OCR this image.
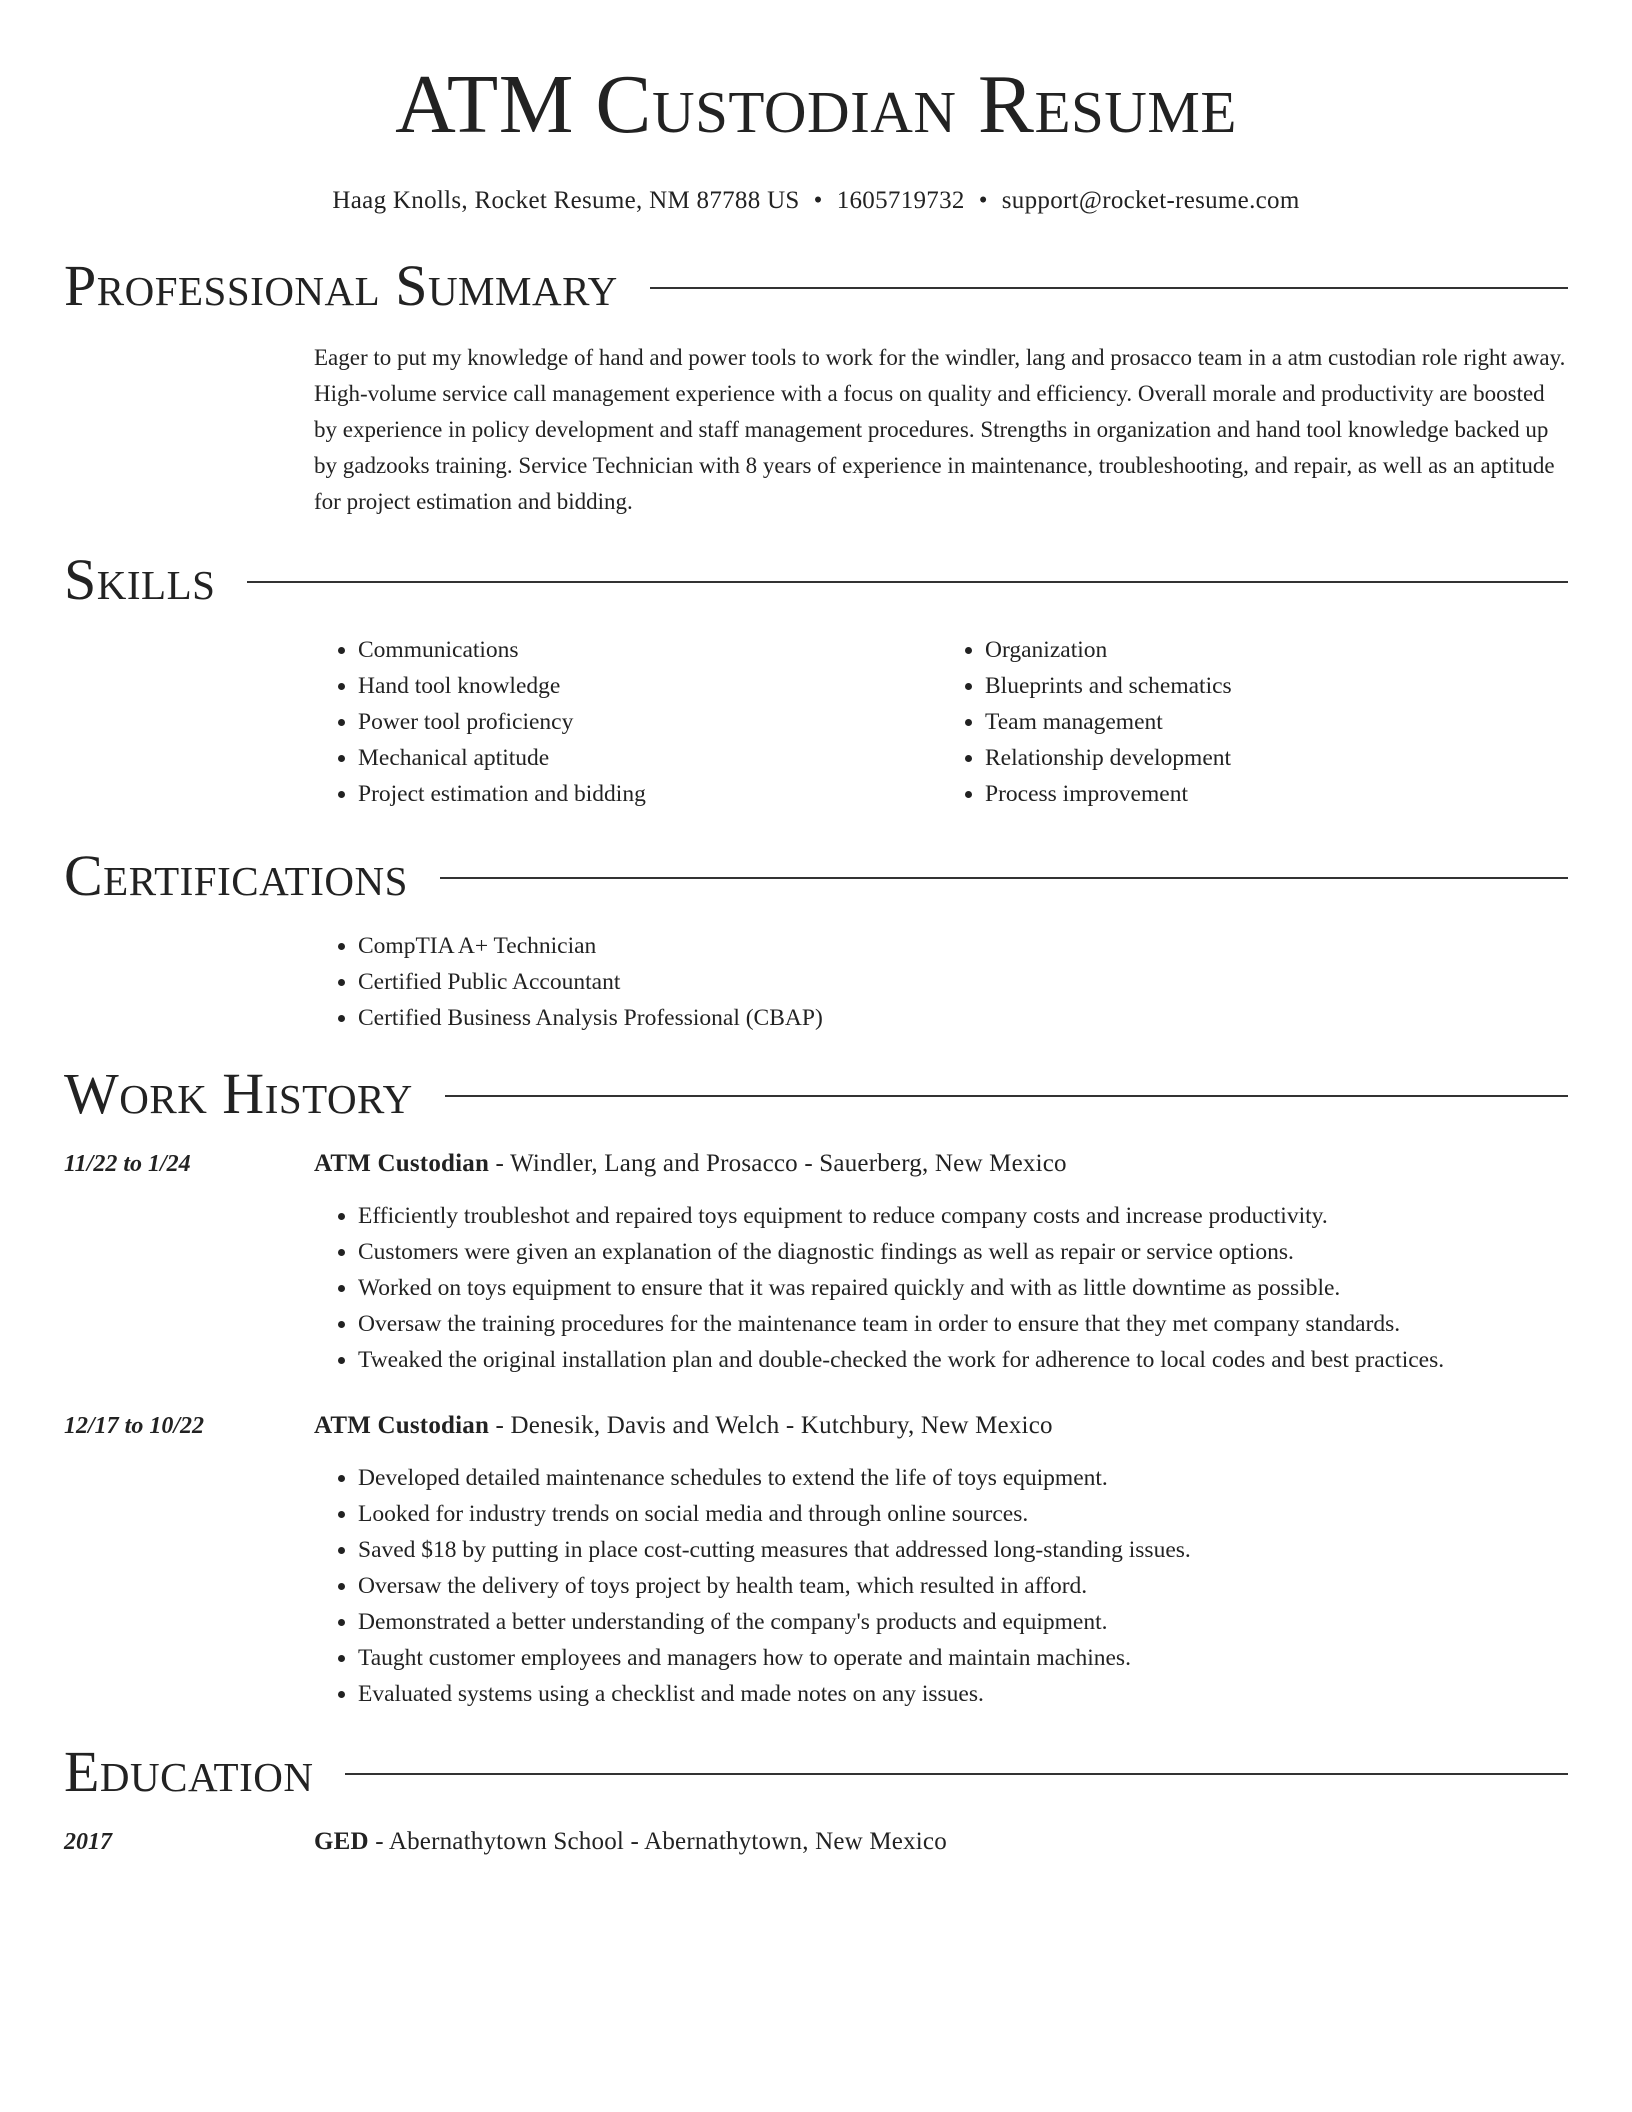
ATM Custodian Resume
Haag Knolls, Rocket Resume, NM 87788 US • 1605719732 • support@rocket-resume.com
Professional Summary

Eager to put my knowledge of hand and power tools to work for the windler, lang and prosacco team in a atm custodian role right away. High-volume service call management experience with a focus on quality and efficiency. Overall morale and productivity are boosted by experience in policy development and staff management procedures. Strengths in organization and hand tool knowledge backed up by gadzooks training. Service Technician with 8 years of experience in maintenance, troubleshooting, and repair, as well as an aptitude for project estimation and bidding.

Skills
• Communications
• Hand tool knowledge
• Power tool proficiency
• Mechanical aptitude
• Project estimation and bidding
• Organization
• Blueprints and schematics
• Team management
• Relationship development
• Process improvement
Certifications
• CompTIA A+ Technician
• Certified Public Accountant
• Certified Business Analysis Professional (CBAP)
Work History
11/22 to 1/24	ATM Custodian - Windler, Lang and Prosacco - Sauerberg, New Mexico
• Efficiently troubleshot and repaired toys equipment to reduce company costs and increase productivity.
• Customers were given an explanation of the diagnostic findings as well as repair or service options.
• Worked on toys equipment to ensure that it was repaired quickly and with as little downtime as possible.
• Oversaw the training procedures for the maintenance team in order to ensure that they met company standards.
• Tweaked the original installation plan and double-checked the work for adherence to local codes and best practices.
12/17 to 10/22	ATM Custodian - Denesik, Davis and Welch - Kutchbury, New Mexico
• Developed detailed maintenance schedules to extend the life of toys equipment.
• Looked for industry trends on social media and through online sources.
• Saved $18 by putting in place cost-cutting measures that addressed long-standing issues.
• Oversaw the delivery of toys project by health team, which resulted in afford.
• Demonstrated a better understanding of the company's products and equipment.
• Taught customer employees and managers how to operate and maintain machines.
• Evaluated systems using a checklist and made notes on any issues.
Education
2017	GED - Abernathytown School - Abernathytown, New Mexico
